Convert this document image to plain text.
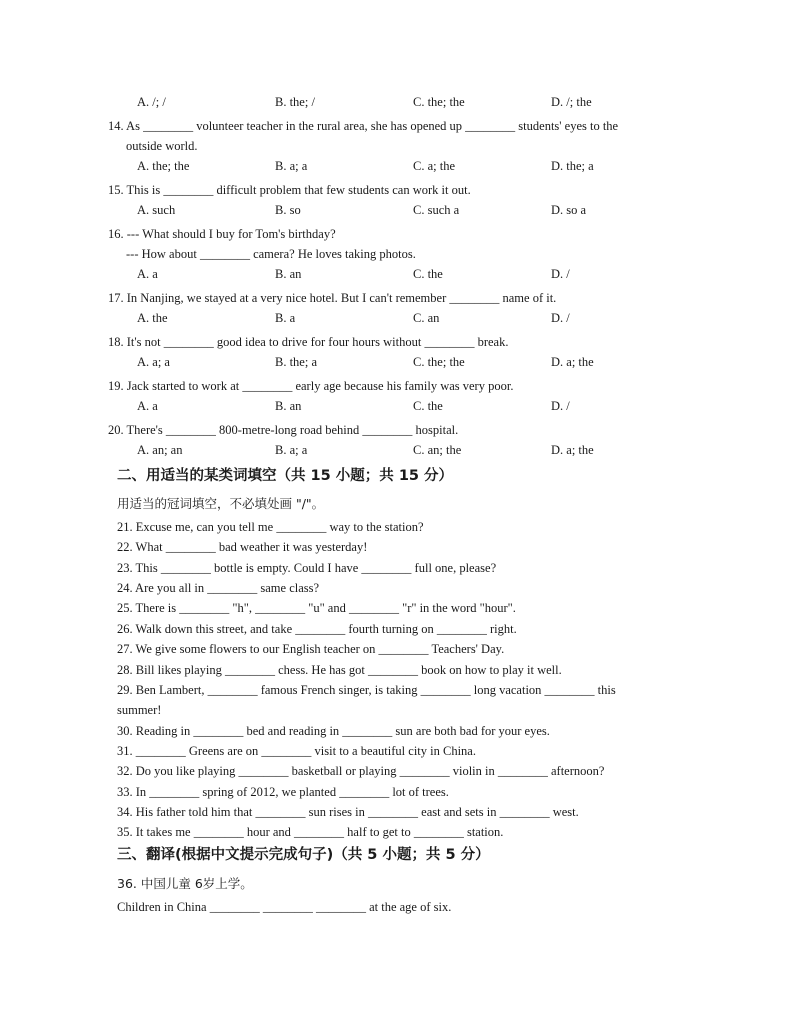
A. /; /	B. the; /	C. the; the	D. /; the
14. As ________ volunteer teacher in the rural area, she has opened up ________ students' eyes to the
outside world.
A. the; the	B. a; a	C. a; the	D. the; a
15. This is ________ difficult problem that few students can work it out.
A. such	B. so	C. such a	D. so a
16. --- What should I buy for Tom's birthday?
--- How about ________ camera? He loves taking photos.
A. a	B. an	C. the	D. /
17. In Nanjing, we stayed at a very nice hotel. But I can't remember ________ name of it.
A. the	B. a	C. an	D. /
18. It's not ________ good idea to drive for four hours without ________ break.
A. a; a	B. the; a	C. the; the	D. a; the
19. Jack started to work at ________ early age because his family was very poor.
A. a	B. an	C. the	D. /
20. There's ________ 800-metre-long road behind ________ hospital.
A. an; an	B. a; a	C. an; the	D. a; the
二、用适当的某类词填空（共 15 小题；共 15 分）
用适当的冠词填空，不必填处画 "/"。
21. Excuse me, can you tell me ________ way to the station?
22. What ________ bad weather it was yesterday!
23. This ________ bottle is empty. Could I have ________ full one, please?
24. Are you all in ________ same class?
25. There is ________ "h", ________ "u" and ________ "r" in the word "hour".
26. Walk down this street, and take ________ fourth turning on ________ right.
27. We give some flowers to our English teacher on ________ Teachers' Day.
28. Bill likes playing ________ chess. He has got ________ book on how to play it well.
29. Ben Lambert, ________ famous French singer, is taking ________ long vacation ________ this
summer!
30. Reading in ________ bed and reading in ________ sun are both bad for your eyes.
31. ________ Greens are on ________ visit to a beautiful city in China.
32. Do you like playing ________ basketball or playing ________ violin in ________ afternoon?
33. In ________ spring of 2012, we planted ________ lot of trees.
34. His father told him that ________ sun rises in ________ east and sets in ________ west.
35. It takes me ________ hour and ________ half to get to ________ station.
三、翻译(根据中文提示完成句子)（共 5 小题；共 5 分）
36. 中国儿童 6岁上学。
Children in China ________ ________ ________ at the age of six.
